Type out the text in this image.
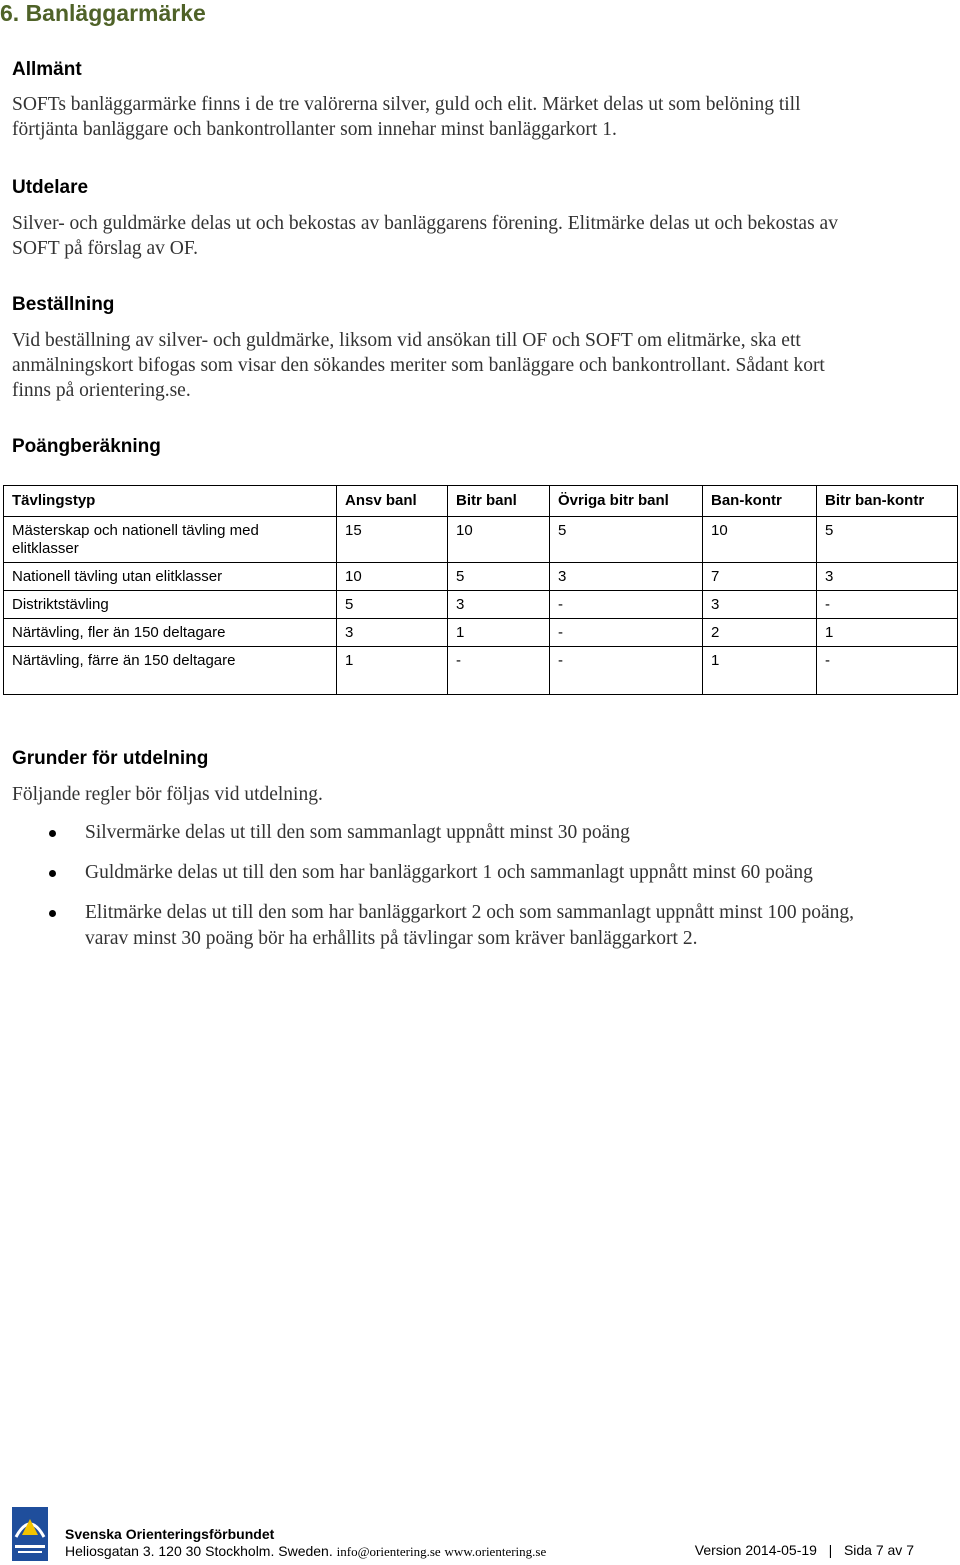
6. Banläggarmärke
Allmänt
SOFTs banläggarmärke finns i de tre valörerna silver, guld och elit. Märket delas ut som belöning till
förtjänta banläggare och bankontrollanter som innehar minst banläggarkort 1.
Utdelare
Silver- och guldmärke delas ut och bekostas av banläggarens förening. Elitmärke delas ut och bekostas av
SOFT på förslag av OF.
Beställning
Vid beställning av silver- och guldmärke, liksom vid ansökan till OF och SOFT om elitmärke, ska ett
anmälningskort bifogas som visar den sökandes meriter som banläggare och bankontrollant. Sådant kort
finns på orientering.se.
Poängberäkning
Tävlingstyp	Ansv banl	Bitr banl	Övriga bitr banl	Ban-kontr	Bitr ban-kontr
Mästerskap och nationell tävling med elitklasser	15	10	5	10	5
Nationell tävling utan elitklasser	10	5	3	7	3
Distriktstävling	5	3	-	3	-
Närtävling, fler än 150 deltagare	3	1	-	2	1
Närtävling, färre än 150 deltagare	1	-	-	1	-
Grunder för utdelning
Följande regler bör följas vid utdelning.
Silvermärke delas ut till den som sammanlagt uppnått minst 30 poäng
Guldmärke delas ut till den som har banläggarkort 1 och sammanlagt uppnått minst 60 poäng
Elitmärke delas ut till den som har banläggarkort 2 och som sammanlagt uppnått minst 100 poäng,
varav minst 30 poäng bör ha erhållits på tävlingar som kräver banläggarkort 2.
Svenska Orienteringsförbundet
Heliosgatan 3. 120 30 Stockholm. Sweden. info@orientering.se www.orientering.se	Version 2014-05-19 | Sida 7 av 7
